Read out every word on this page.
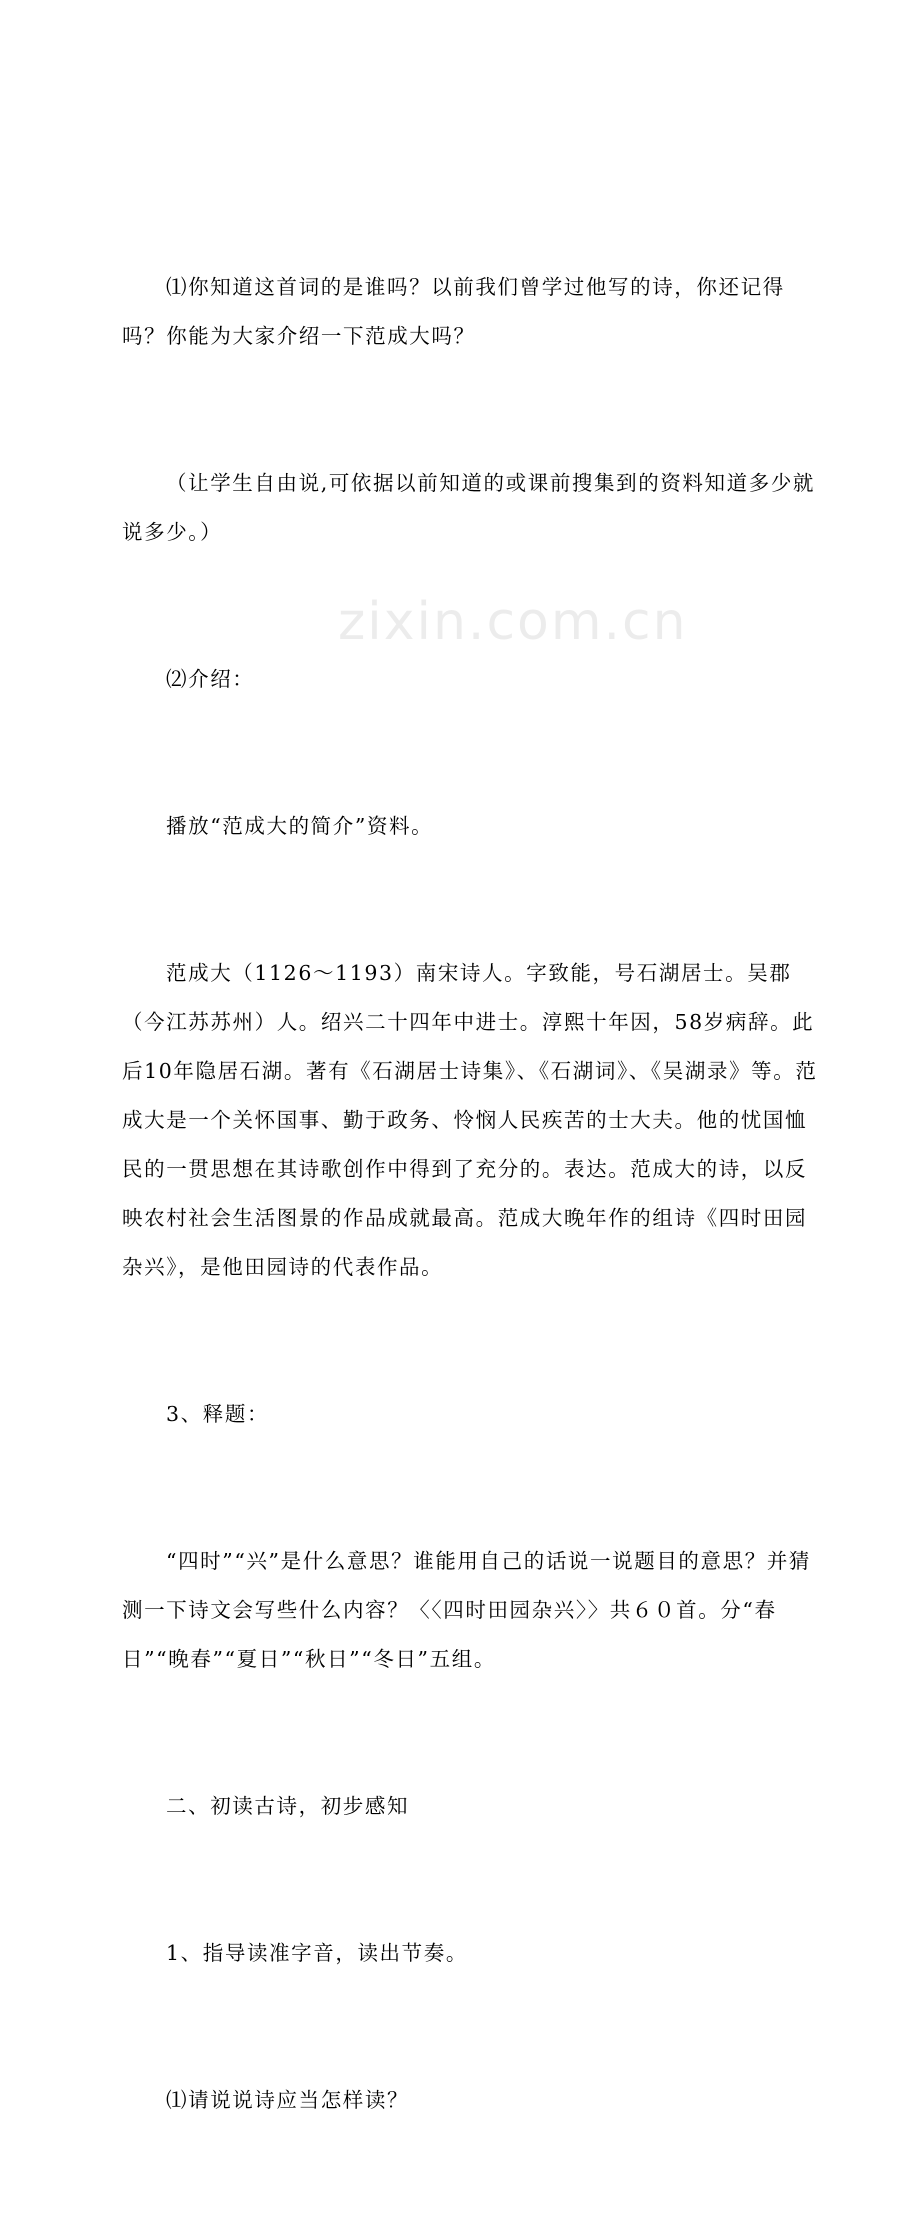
⑴你知道这首词的是谁吗？以前我们曾学过他写的诗，你还记得吗？你能为大家介绍一下范成大吗？

（让学生自由说,可依据以前知道的或课前搜集到的资料知道多少就说多少。）

⑵介绍：

播放“范成大的简介”资料。

范成大（1126～1193）南宋诗人。字致能，号石湖居士。吴郡（今江苏苏州）人。绍兴二十四年中进士。淳熙十年因，58岁病辞。此后10年隐居石湖。著有《石湖居士诗集》、《石湖词》、《吴湖录》等。范成大是一个关怀国事、勤于政务、怜悯人民疾苦的士大夫。他的忧国恤民的一贯思想在其诗歌创作中得到了充分的。表达。范成大的诗，以反映农村社会生活图景的作品成就最高。范成大晚年作的组诗《四时田园杂兴》，是他田园诗的代表作品。

3、释题：

“四时”“兴”是什么意思？谁能用自己的话说一说题目的意思？并猜测一下诗文会写些什么内容？〈〈四时田园杂兴〉〉共６０首。分“春日”“晚春”“夏日”“秋日”“冬日”五组。

二、初读古诗，初步感知

1、指导读准字音，读出节奏。

⑴请说说诗应当怎样读？

zixin.com.cn
